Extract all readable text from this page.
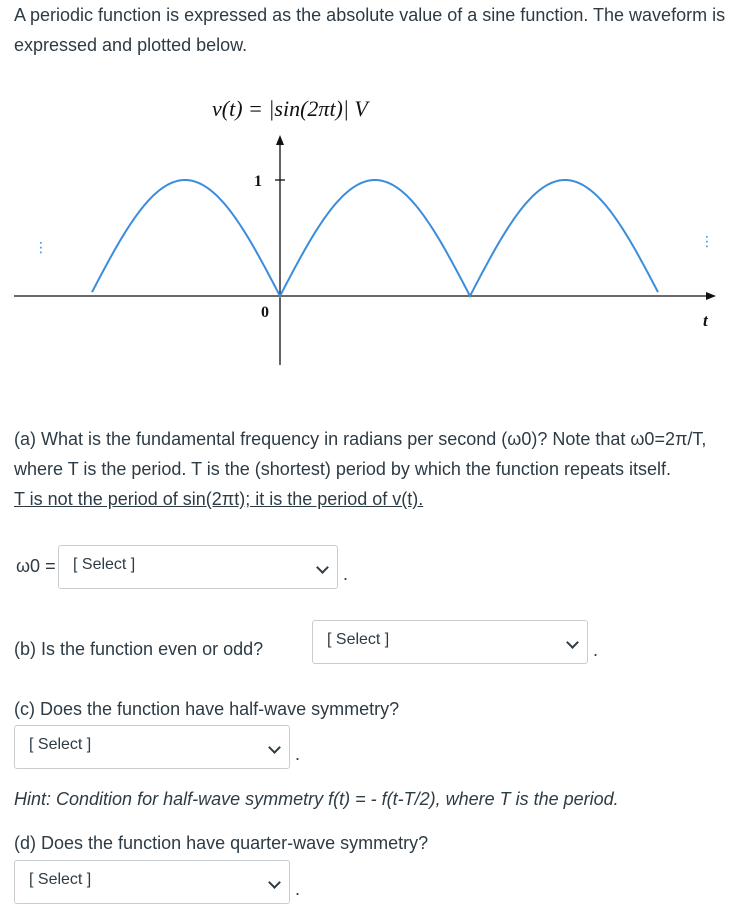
A periodic function is expressed as the absolute value of a sine function. The waveform is expressed and plotted below.

v(t) = |sin(2πt)| V
1
0	t
⋮	⋮

(a) What is the fundamental frequency in radians per second (ω0)? Note that ω0=2π/T, where T is the period. T is the (shortest) period by which the function repeats itself.
T is not the period of sin(2πt); it is the period of v(t).

ω0 = [ Select ]	.

(b) Is the function even or odd?	[ Select ]
.

(c) Does the function have half-wave symmetry?

[ Select ]	.

Hint: Condition for half-wave symmetry f(t) = - f(t-T/2), where T is the period.

(d) Does the function have quarter-wave symmetry?

[ Select ]	.
